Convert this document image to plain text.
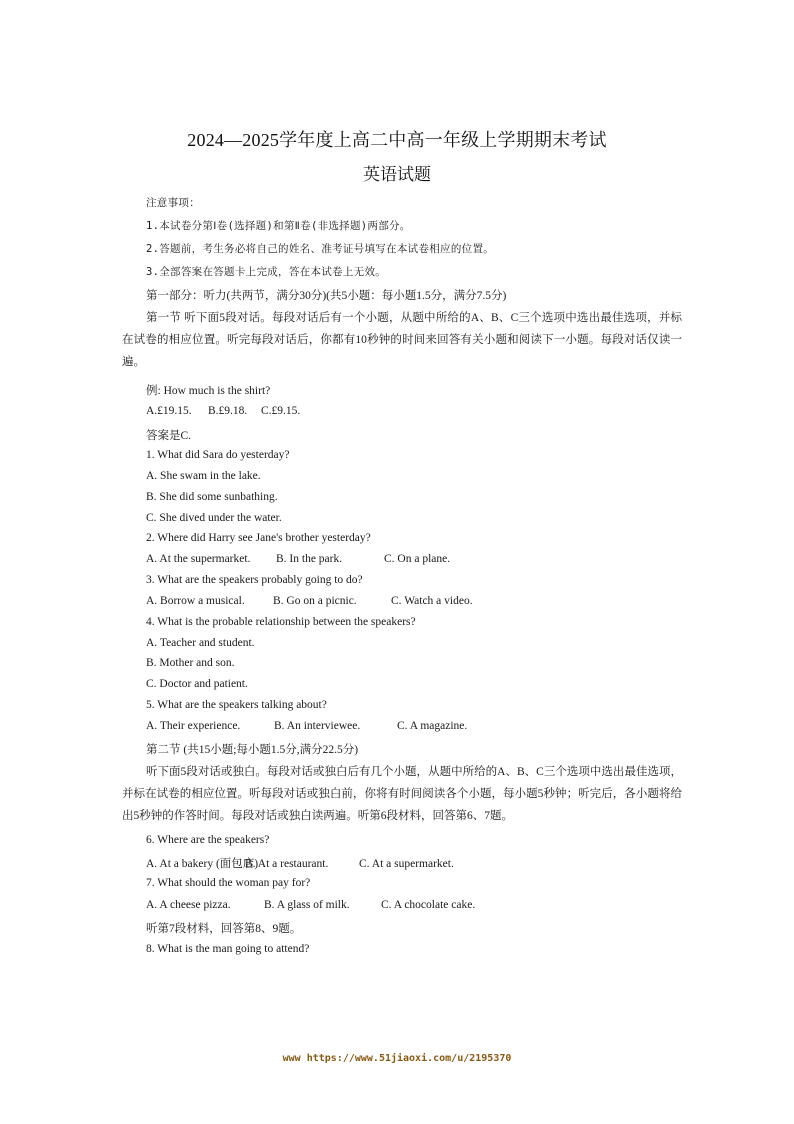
2024—2025学年度上高二中高一年级上学期期末考试
英语试题
注意事项：
1.本试卷分第Ⅰ卷(选择题)和第Ⅱ卷(非选择题)两部分。
2.答题前，考生务必将自己的姓名、准考证号填写在本试卷相应的位置。
3.全部答案在答题卡上完成，答在本试卷上无效。
第一部分：听力(共两节，满分30分)(共5小题：每小题1.5分，满分7.5分)
第一节 听下面5段对话。每段对话后有一个小题，从题中所给的A、B、C三个选项中选出最佳选项，并标在试卷的相应位置。听完每段对话后，你都有10秒钟的时间来回答有关小题和阅读下一小题。每段对话仅读一遍。
例: How much is the shirt?
A.£19.15. B.£9.18. C.£9.15.
答案是C.
1. What did Sara do yesterday?
A. She swam in the lake.
B. She did some sunbathing.
C. She dived under the water.
2. Where did Harry see Jane's brother yesterday?
A. At the supermarket. B. In the park.	C. On a plane.
3. What are the speakers probably going to do?
A. Borrow a musical. B. Go on a picnic.	C. Watch a video.
4. What is the probable relationship between the speakers?
A. Teacher and student.
B. Mother and son.
C. Doctor and patient.
5. What are the speakers talking about?
A. Their experience.	B. An interviewee.	C. A magazine.
第二节 (共15小题;每小题1.5分,满分22.5分)
听下面5段对话或独白。每段对话或独白后有几个小题，从题中所给的A、B、C三个选项中选出最佳选项，并标在试卷的相应位置。听每段对话或独白前，你将有时间阅读各个小题，每小题5秒钟；听完后，各小题将给出5秒钟的作答时间。每段对话或独白读两遍。听第6段材料，回答第6、7题。
6. Where are the speakers?
A. At a bakery (面包店)B. At a restaurant.	C. At a supermarket.
7. What should the woman pay for?
A. A cheese pizza.	B. A glass of milk.	C. A chocolate cake.
听第7段材料，回答第8、9题。
8. What is the man going to attend?
www https://www.51jiaoxi.com/u/2195370
